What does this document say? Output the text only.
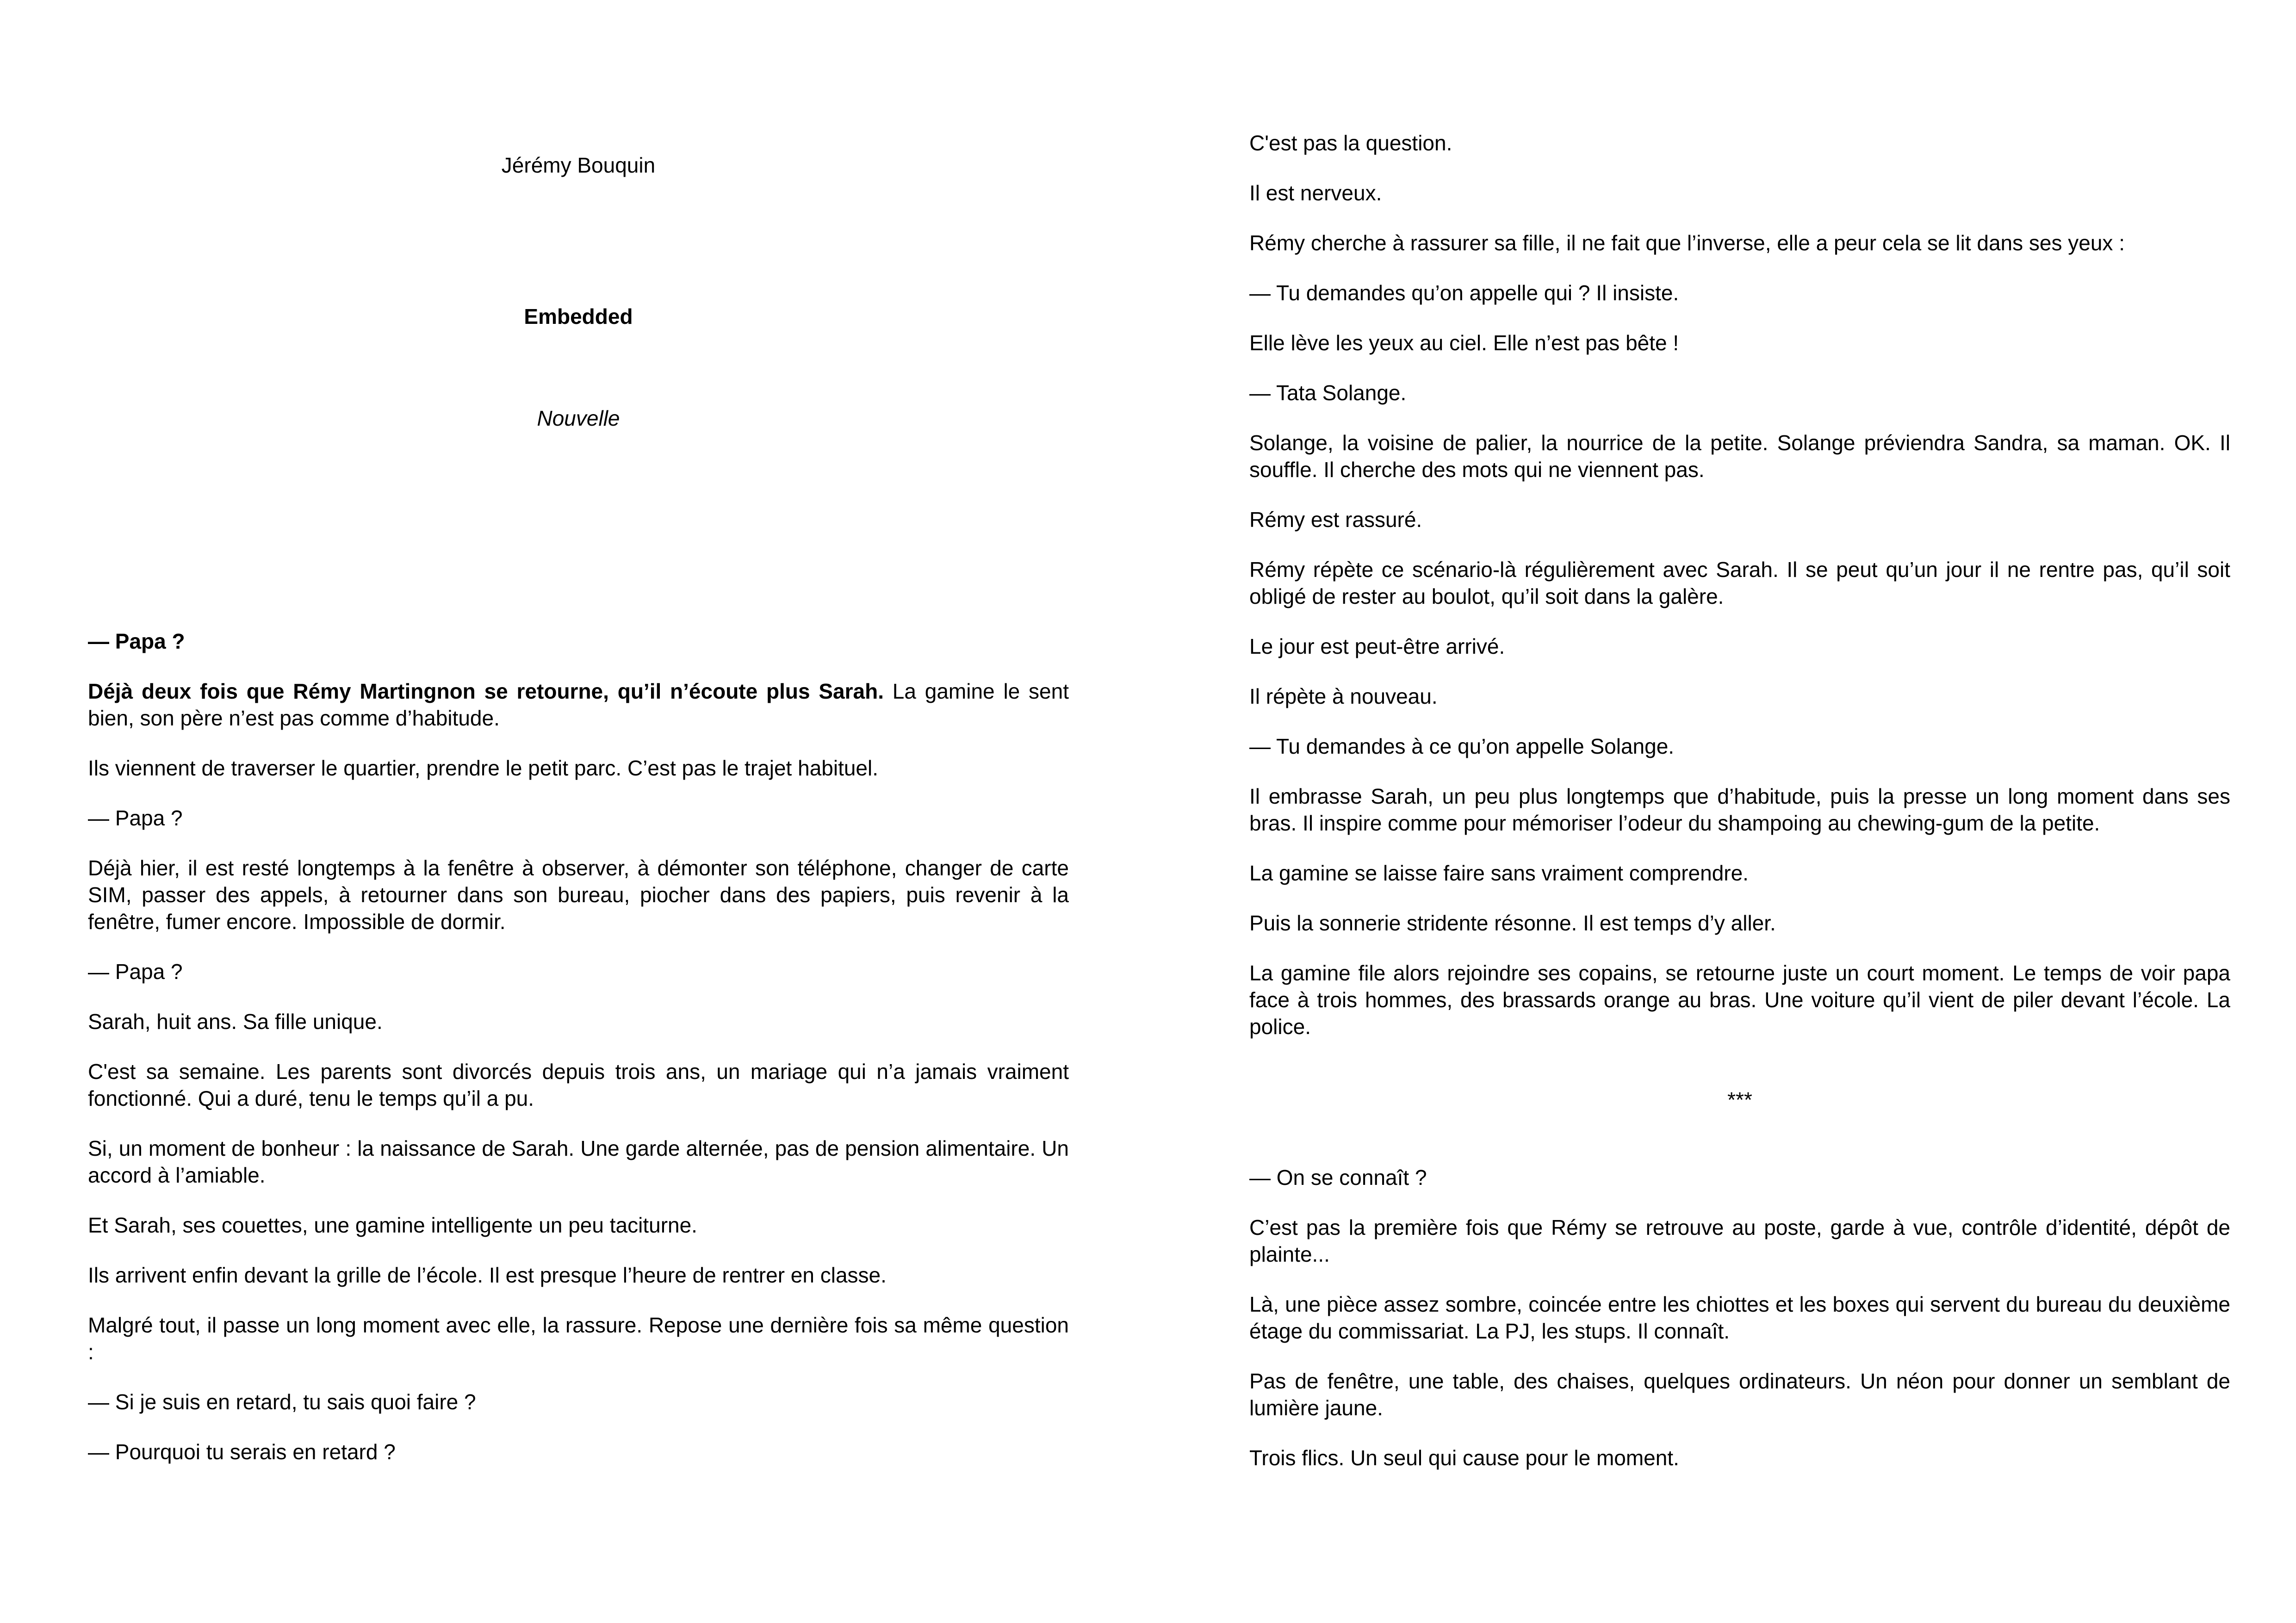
Jérémy Bouquin
Embedded
Nouvelle

— Papa ?

Déjà deux fois que Rémy Martingnon se retourne, qu’il n’écoute plus Sarah. La gamine le sent bien, son père n’est pas comme d’habitude.

Ils viennent de traverser le quartier, prendre le petit parc. C’est pas le trajet habituel.

— Papa ?

Déjà hier, il est resté longtemps à la fenêtre à observer, à démonter son téléphone, changer de carte SIM, passer des appels, à retourner dans son bureau, piocher dans des papiers, puis revenir à la fenêtre, fumer encore. Impossible de dormir.

— Papa ?

Sarah, huit ans. Sa fille unique.

C'est sa semaine. Les parents sont divorcés depuis trois ans, un mariage qui n’a jamais vraiment fonctionné. Qui a duré, tenu le temps qu’il a pu.

Si, un moment de bonheur : la naissance de Sarah. Une garde alternée, pas de pension alimentaire. Un accord à l’amiable.

Et Sarah, ses couettes, une gamine intelligente un peu taciturne.

Ils arrivent enfin devant la grille de l’école. Il est presque l’heure de rentrer en classe.

Malgré tout, il passe un long moment avec elle, la rassure. Repose une dernière fois sa même question :

— Si je suis en retard, tu sais quoi faire ?

— Pourquoi tu serais en retard ?

C'est pas la question.

Il est nerveux.

Rémy cherche à rassurer sa fille, il ne fait que l’inverse, elle a peur cela se lit dans ses yeux :

— Tu demandes qu’on appelle qui ? Il insiste.

Elle lève les yeux au ciel. Elle n’est pas bête !

— Tata Solange.

Solange, la voisine de palier, la nourrice de la petite. Solange préviendra Sandra, sa maman. OK. Il souffle. Il cherche des mots qui ne viennent pas.

Rémy est rassuré.

Rémy répète ce scénario-là régulièrement avec Sarah. Il se peut qu’un jour il ne rentre pas, qu’il soit obligé de rester au boulot, qu’il soit dans la galère.

Le jour est peut-être arrivé.

Il répète à nouveau.

— Tu demandes à ce qu’on appelle Solange.

Il embrasse Sarah, un peu plus longtemps que d’habitude, puis la presse un long moment dans ses bras. Il inspire comme pour mémoriser l’odeur du shampoing au chewing-gum de la petite.

La gamine se laisse faire sans vraiment comprendre.

Puis la sonnerie stridente résonne. Il est temps d’y aller.

La gamine file alors rejoindre ses copains, se retourne juste un court moment. Le temps de voir papa face à trois hommes, des brassards orange au bras. Une voiture qu’il vient de piler devant l’école. La police.

***

— On se connaît ?

C’est pas la première fois que Rémy se retrouve au poste, garde à vue, contrôle d’identité, dépôt de plainte...

Là, une pièce assez sombre, coincée entre les chiottes et les boxes qui servent du bureau du deuxième étage du commissariat. La PJ, les stups. Il connaît.

Pas de fenêtre, une table, des chaises, quelques ordinateurs. Un néon pour donner un semblant de lumière jaune.

Trois flics. Un seul qui cause pour le moment.
